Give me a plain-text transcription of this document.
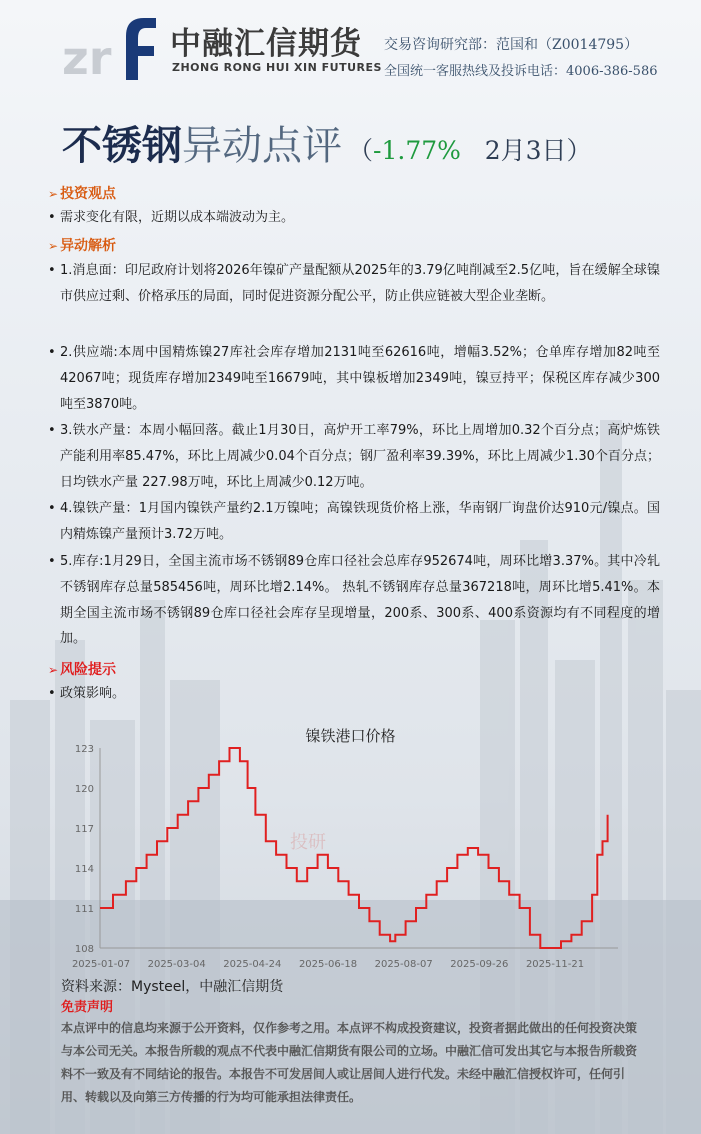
zr 中融汇信期货
ZHONG RONG HUI XIN FUTURES
交易咨询研究部：范国和（Z0014795）
全国统一客服热线及投诉电话：4006-386-586
不锈钢异动点评 （-1.77% 2月3日）
➢ 投资观点
• 需求变化有限，近期以成本端波动为主。
➢ 异动解析
• 1.消息面：印尼政府计划将2026年镍矿产量配额从2025年的3.79亿吨削减至2.5亿吨，旨在缓解全球镍市供应过剩、价格承压的局面，同时促进资源分配公平，防止供应链被大型企业垄断。
• 2.供应端:本周中国精炼镍27库社会库存增加2131吨至62616吨，增幅3.52%；仓单库存增加82吨至42067吨；现货库存增加2349吨至16679吨，其中镍板增加2349吨，镍豆持平；保税区库存减少300吨至3870吨。
• 3.铁水产量：本周小幅回落。截止1月30日，高炉开工率79%，环比上周增加0.32个百分点；高炉炼铁产能利用率85.47%，环比上周减少0.04个百分点；钢厂盈利率39.39%，环比上周减少1.30个百分点；日均铁水产量 227.98万吨，环比上周减少0.12万吨。
• 4.镍铁产量：1月国内镍铁产量约2.1万镍吨；高镍铁现货价格上涨，华南钢厂询盘价达910元/镍点。国内精炼镍产量预计3.72万吨。
• 5.库存:1月29日，全国主流市场不锈钢89仓库口径社会总库存952674吨，周环比增3.37%。其中冷轧不锈钢库存总量585456吨，周环比增2.14%。 热轧不锈钢库存总量367218吨，周环比增5.41%。本期全国主流市场不锈钢89仓库口径社会库存呈现增量，200系、300系、400系资源均有不同程度的增加。
➢ 风险提示
• 政策影响。
镍铁港口价格
123
120
117
114
111
108
2025-01-07 2025-03-04 2025-04-24 2025-06-18 2025-08-07 2025-09-26 2025-11-21
投研
资料来源：Mysteel，中融汇信期货
免责声明
本点评中的信息均来源于公开资料，仅作参考之用。本点评不构成投资建议，投资者据此做出的任何投资决策与本公司无关。本报告所载的观点不代表中融汇信期货有限公司的立场。中融汇信可发出其它与本报告所载资料不一致及有不同结论的报告。本报告不可发居间人或让居间人进行代发。未经中融汇信授权许可，任何引用、转载以及向第三方传播的行为均可能承担法律责任。
